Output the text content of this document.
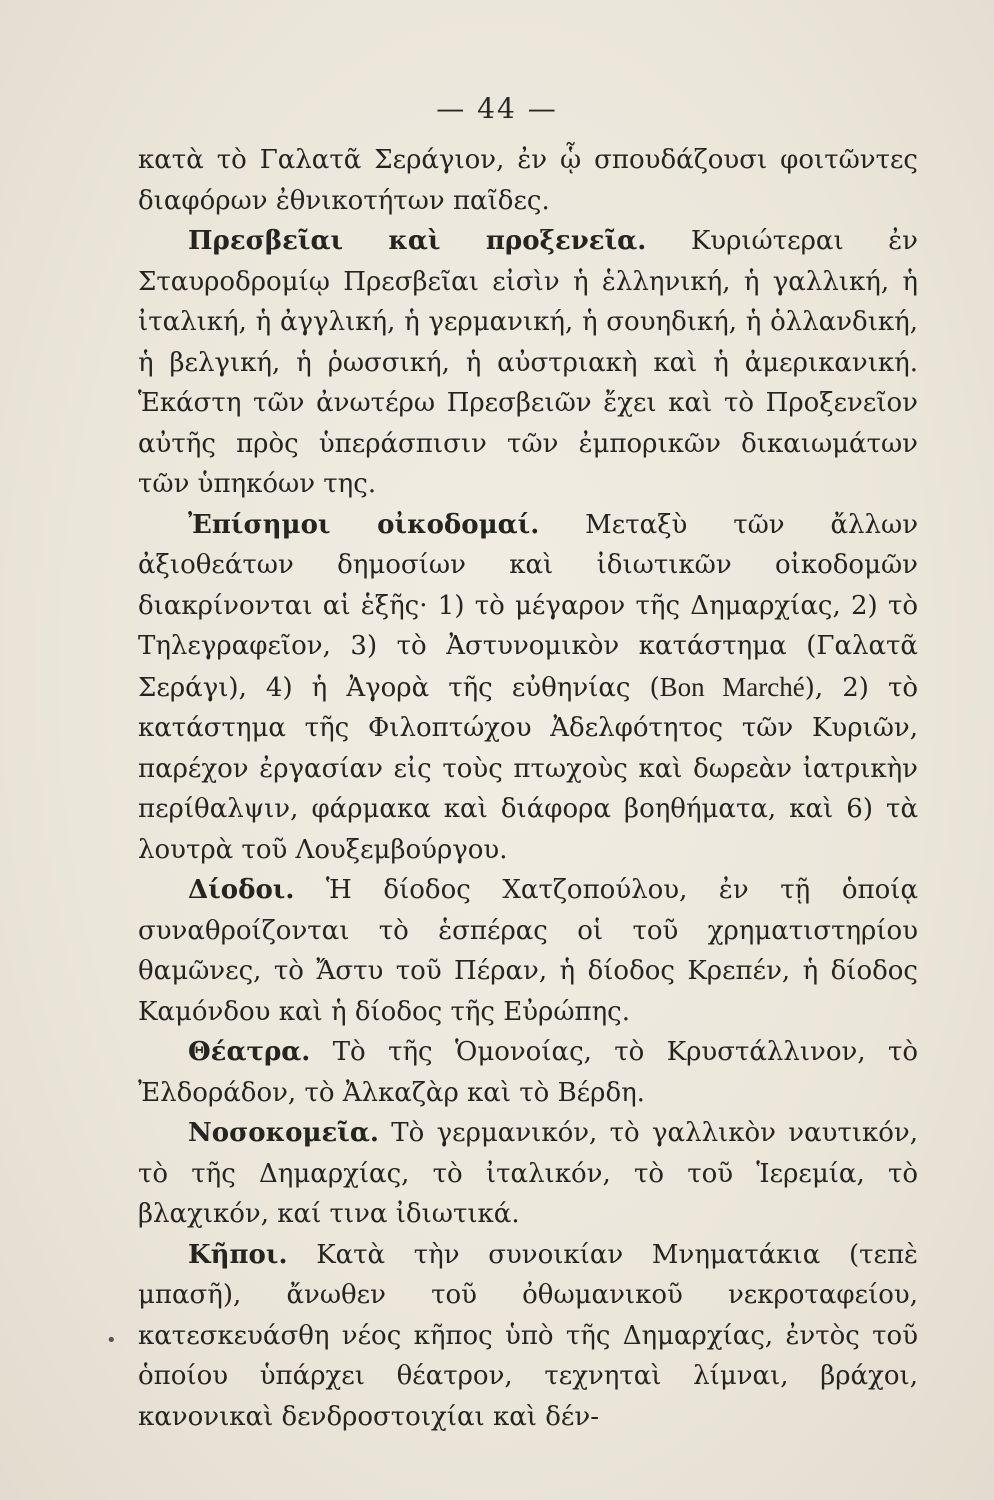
— 44 —

κατὰ τὸ Γαλατᾶ Σεράγιον, ἐν ᾧ σπουδάζουσι φοιτῶντες διαφόρων ἐθνικοτήτων παῖδες.

Πρεσβεῖαι καὶ προξενεῖα. Κυριώτεραι ἐν Σταυροδρομίῳ Πρεσβεῖαι εἰσὶν ἡ ἑλληνική, ἡ γαλλική, ἡ ἰταλική, ἡ ἀγγλική, ἡ γερμανική, ἡ σουηδική, ἡ ὁλλανδική, ἡ βελγική, ἡ ῥωσσική, ἡ αὐστριακὴ καὶ ἡ ἀμερικανική. Ἑκάστη τῶν ἀνωτέρω Πρεσβειῶν ἔχει καὶ τὸ Προξενεῖον αὐτῆς πρὸς ὑπεράσπισιν τῶν ἐμπορικῶν δικαιωμάτων τῶν ὑπηκόων της.

Ἐπίσημοι οἰκοδομαί. Μεταξὺ τῶν ἄλλων ἀξιοθεάτων δημοσίων καὶ ἰδιωτικῶν οἰκοδομῶν διακρίνονται αἱ ἑξῆς· 1) τὸ μέγαρον τῆς Δημαρχίας, 2) τὸ Τηλεγραφεῖον, 3) τὸ Ἀστυνομικὸν κατάστημα (Γαλατᾶ Σεράγι), 4) ἡ Ἀγορὰ τῆς εὐθηνίας (Bon Marché), 2) τὸ κατάστημα τῆς Φιλοπτώχου Ἀδελφότητος τῶν Κυριῶν, παρέχον ἐργασίαν εἰς τοὺς πτωχοὺς καὶ δωρεὰν ἰατρικὴν περίθαλψιν, φάρμακα καὶ διάφορα βοηθήματα, καὶ 6) τὰ λουτρὰ τοῦ Λουξεμβούργου.

Δίοδοι. Ἡ δίοδος Χατζοπούλου, ἐν τῇ ὁποίᾳ συναθροίζονται τὸ ἑσπέρας οἱ τοῦ χρηματιστηρίου θαμῶνες, τὸ Ἄστυ τοῦ Πέραν, ἡ δίοδος Κρεπέν, ἡ δίοδος Καμόνδου καὶ ἡ δίοδος τῆς Εὐρώπης.

Θέατρα. Τὸ τῆς Ὁμονοίας, τὸ Κρυστάλλινον, τὸ Ἐλδοράδον, τὸ Ἀλκαζὰρ καὶ τὸ Βέρδη.

Νοσοκομεῖα. Τὸ γερμανικόν, τὸ γαλλικὸν ναυτικόν, τὸ τῆς Δημαρχίας, τὸ ἰταλικόν, τὸ τοῦ Ἱερεμία, τὸ βλαχικόν, καί τινα ἰδιωτικά.

Κῆποι. Κατὰ τὴν συνοικίαν Μνηματάκια (τεπὲ μπασῆ), ἄνωθεν τοῦ ὀθωμανικοῦ νεκροταφείου, κατεσκευάσθη νέος κῆπος ὑπὸ τῆς Δημαρχίας, ἐντὸς τοῦ ὁποίου ὑπάρχει θέατρον, τεχνηταὶ λίμναι, βράχοι, κανονικαὶ δενδροστοιχίαι καὶ δέν-

•
